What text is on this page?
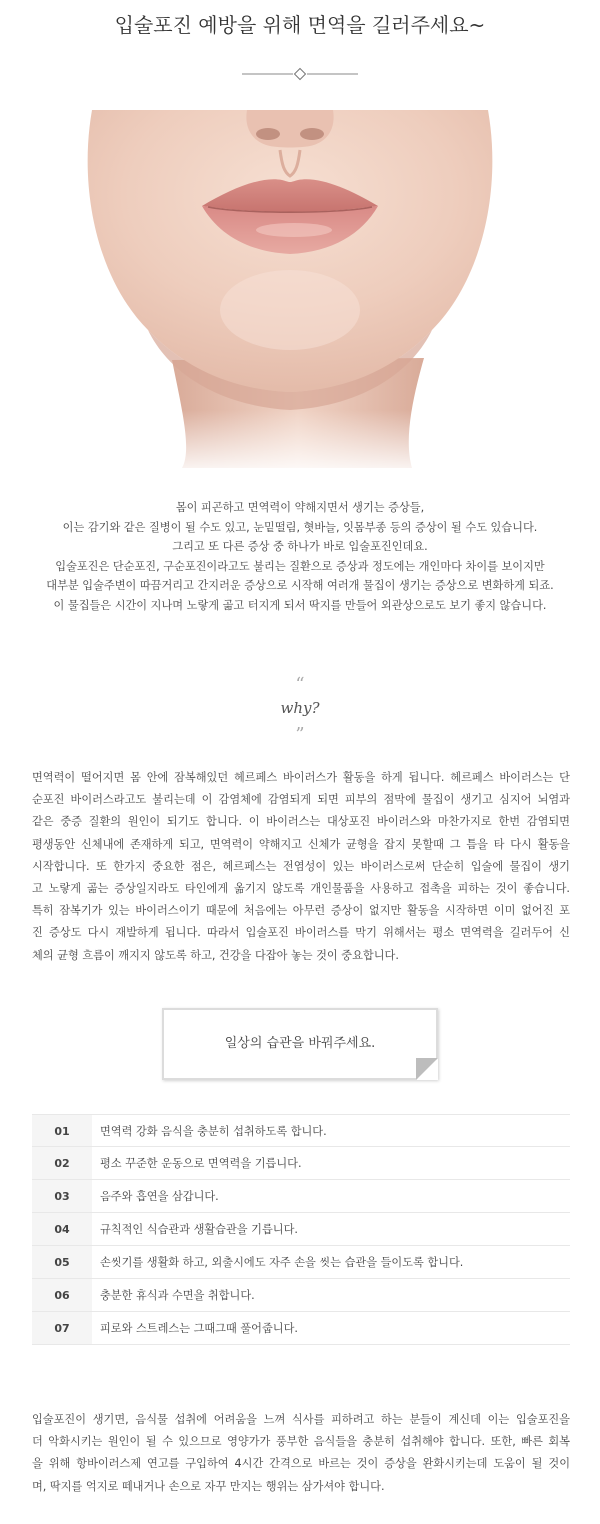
입술포진 예방을 위해 면역을 길러주세요~

몸이 피곤하고 면역력이 약해지면서 생기는 증상들,

이는 감기와 같은 질병이 될 수도 있고, 눈밑떨림, 혓바늘, 잇몸부종 등의 증상이 될 수도 있습니다.

그리고 또 다른 증상 중 하나가 바로 입술포진인데요.

입술포진은 단순포진, 구순포진이라고도 불리는 질환으로 증상과 정도에는 개인마다 차이를 보이지만

대부분 입술주변이 따끔거리고 간지러운 증상으로 시작해 여러개 물집이 생기는 증상으로 변화하게 되죠.

이 물집들은 시간이 지나며 노랗게 곪고 터지게 되서 딱지를 만들어 외관상으로도 보기 좋지 않습니다.

“
why?
”
면역력이 떨어지면 몸 안에 잠복해있던 헤르페스 바이러스가 활동을 하게 됩니다. 헤르페스 바이러스는 단
순포진 바이러스라고도 불리는데 이 감염체에 감염되게 되면 피부의 점막에 물집이 생기고 심지어 뇌염과
같은 중증 질환의 원인이 되기도 합니다. 이 바이러스는 대상포진 바이러스와 마찬가지로 한번 감염되면
평생동안 신체내에 존재하게 되고, 면역력이 약해지고 신체가 균형을 잡지 못할때 그 틈을 타 다시 활동을
시작합니다. 또 한가지 중요한 점은, 헤르페스는 전염성이 있는 바이러스로써 단순히 입술에 물집이 생기
고 노랗게 곪는 증상일지라도 타인에게 옮기지 않도록 개인물품을 사용하고 접촉을 피하는 것이 좋습니다.
특히 잠복기가 있는 바이러스이기 때문에 처음에는 아무런 증상이 없지만 활동을 시작하면 이미 없어진 포
진 증상도 다시 재발하게 됩니다. 따라서 입술포진 바이러스를 막기 위해서는 평소 면역력을 길러두어 신
체의 균형 흐름이 깨지지 않도록 하고, 건강을 다잡아 놓는 것이 중요합니다.
일상의 습관을 바꿔주세요.
01	면역력 강화 음식을 충분히 섭취하도록 합니다.
02	평소 꾸준한 운동으로 면역력을 기릅니다.
03	음주와 흡연을 삼갑니다.
04	규칙적인 식습관과 생활습관을 기릅니다.
05	손씻기를 생활화 하고, 외출시에도 자주 손을 씻는 습관을 들이도록 합니다.
06	충분한 휴식과 수면을 취합니다.
07	피로와 스트레스는 그때그때 풀어줍니다.
입술포진이 생기면, 음식물 섭취에 어려움을 느껴 식사를 피하려고 하는 분들이 계신데 이는 입술포진을
더 악화시키는 원인이 될 수 있으므로 영양가가 풍부한 음식들을 충분히 섭취해야 합니다. 또한, 빠른 회복
을 위해 항바이러스제 연고를 구입하여 4시간 간격으로 바르는 것이 증상을 완화시키는데 도움이 될 것이
며, 딱지를 억지로 떼내거나 손으로 자꾸 만지는 행위는 삼가셔야 합니다.
